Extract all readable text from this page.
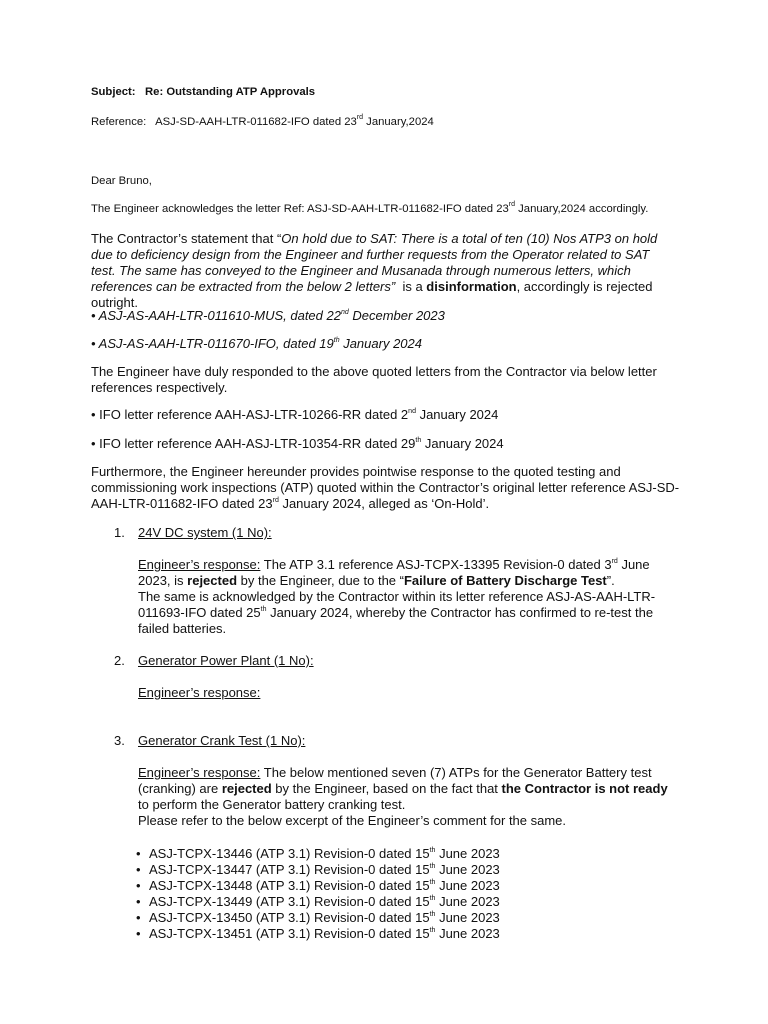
Subject: Re: Outstanding ATP Approvals

Reference: ASJ-SD-AAH-LTR-011682-IFO dated 23rd January,2024

Dear Bruno,

The Engineer acknowledges the letter Ref: ASJ-SD-AAH-LTR-011682-IFO dated 23rd January,2024 accordingly.

The Contractor’s statement that “On hold due to SAT: There is a total of ten (10) Nos ATP3 on hold due to deficiency design from the Engineer and further requests from the Operator related to SAT test. The same has conveyed to the Engineer and Musanada through numerous letters, which references can be extracted from the below 2 letters”  is a disinformation, accordingly is rejected outright.

• ASJ-AS-AAH-LTR-011610-MUS, dated 22nd December 2023

• ASJ-AS-AAH-LTR-011670-IFO, dated 19th January 2024

The Engineer have duly responded to the above quoted letters from the Contractor via below letter references respectively.

• IFO letter reference AAH-ASJ-LTR-10266-RR dated 2nd January 2024

• IFO letter reference AAH-ASJ-LTR-10354-RR dated 29th January 2024

Furthermore, the Engineer hereunder provides pointwise response to the quoted testing and commissioning work inspections (ATP) quoted within the Contractor’s original letter reference ASJ-SD-AAH-LTR-011682-IFO dated 23rd January 2024, alleged as ‘On-Hold’.

1. 24V DC system (1 No):

Engineer’s response: The ATP 3.1 reference ASJ-TCPX-13395 Revision-0 dated 3rd June 2023, is rejected by the Engineer, due to the “Failure of Battery Discharge Test”.
The same is acknowledged by the Contractor within its letter reference ASJ-AS-AAH-LTR-011693-IFO dated 25th January 2024, whereby the Contractor has confirmed to re-test the failed batteries.

2. Generator Power Plant (1 No):

Engineer’s response:

3. Generator Crank Test (1 No):

Engineer’s response: The below mentioned seven (7) ATPs for the Generator Battery test (cranking) are rejected by the Engineer, based on the fact that the Contractor is not ready to perform the Generator battery cranking test.
Please refer to the below excerpt of the Engineer’s comment for the same.

• ASJ-TCPX-13446 (ATP 3.1) Revision-0 dated 15th June 2023
• ASJ-TCPX-13447 (ATP 3.1) Revision-0 dated 15th June 2023
• ASJ-TCPX-13448 (ATP 3.1) Revision-0 dated 15th June 2023
• ASJ-TCPX-13449 (ATP 3.1) Revision-0 dated 15th June 2023
• ASJ-TCPX-13450 (ATP 3.1) Revision-0 dated 15th June 2023
• ASJ-TCPX-13451 (ATP 3.1) Revision-0 dated 15th June 2023
